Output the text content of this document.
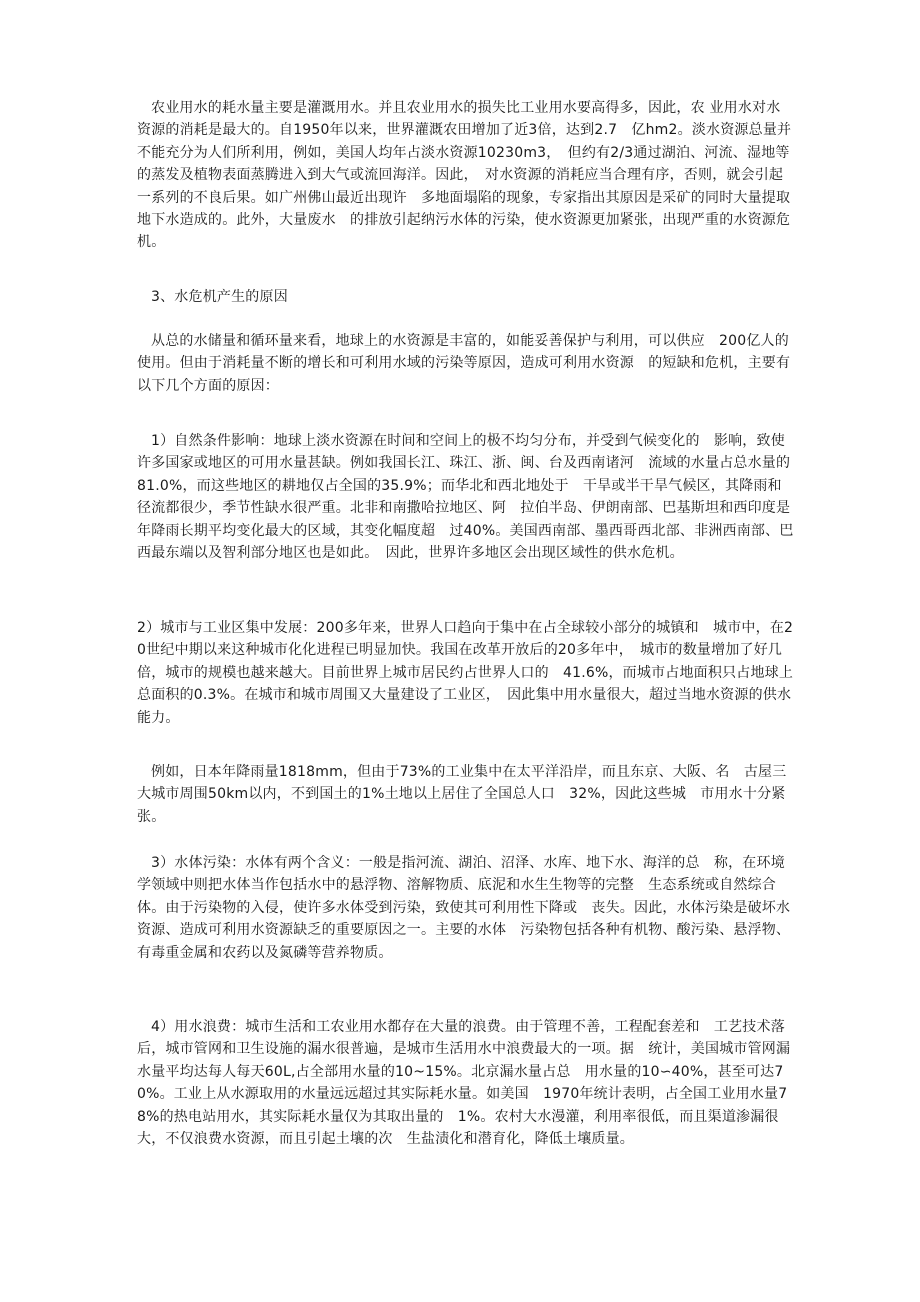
农业用水的耗水量主要是灌溉用水。并且农业用水的损失比工业用水要高得多，因此，农 业用水对水资源的消耗是最大的。自1950年以来，世界灌溉农田增加了近3倍，达到2.7　亿hm2。淡水资源总量并不能充分为人们所利用，例如，美国人均年占淡水资源10230m3，　但约有2/3通过湖泊、河流、湿地等的蒸发及植物表面蒸腾进入到大气或流回海洋。因此，　对水资源的消耗应当合理有序，否则，就会引起一系列的不良后果。如广州佛山最近出现许　多地面塌陷的现象，专家指出其原因是采矿的同时大量提取地下水造成的。此外，大量废水　的排放引起纳污水体的污染，使水资源更加紧张，出现严重的水资源危机。

3、水危机产生的原因

从总的水储量和循环量来看，地球上的水资源是丰富的，如能妥善保护与利用，可以供应　200亿人的使用。但由于消耗量不断的增长和可利用水域的污染等原因，造成可利用水资源　的短缺和危机，主要有以下几个方面的原因：

1）自然条件影响：地球上淡水资源在时间和空间上的极不均匀分布，并受到气候变化的　影响，致使许多国家或地区的可用水量甚缺。例如我国长江、珠江、浙、闽、台及西南诸河　流域的水量占总水量的81.0%，而这些地区的耕地仅占全国的35.9%；而华北和西北地处于　干旱或半干旱气候区，其降雨和径流都很少，季节性缺水很严重。北非和南撒哈拉地区、阿　拉伯半岛、伊朗南部、巴基斯坦和西印度是年降雨长期平均变化最大的区域，其变化幅度超　过40%。美国西南部、墨西哥西北部、非洲西南部、巴西最东端以及智利部分地区也是如此。　因此，世界许多地区会出现区域性的供水危机。

2）城市与工业区集中发展：200多年来，世界人口趋向于集中在占全球较小部分的城镇和　城市中，在20世纪中期以来这种城市化化进程已明显加快。我国在改革开放后的20多年中，　城市的数量增加了好几倍，城市的规模也越来越大。目前世界上城市居民约占世界人口的　41.6%，而城市占地面积只占地球上总面积的0.3%。在城市和城市周围又大量建设了工业区，　因此集中用水量很大，超过当地水资源的供水能力。

例如，日本年降雨量1818mm，但由于73%的工业集中在太平洋沿岸，而且东京、大阪、名　古屋三大城市周围50km以内，不到国土的1%土地以上居住了全国总人口　32%，因此这些城　市用水十分紧张。

3）水体污染：水体有两个含义：一般是指河流、湖泊、沼泽、水库、地下水、海洋的总　称，在环境学领域中则把水体当作包括水中的悬浮物、溶解物质、底泥和水生生物等的完整　生态系统或自然综合体。由于污染物的入侵，使许多水体受到污染，致使其可利用性下降或　丧失。因此，水体污染是破坏水资源、造成可利用水资源缺乏的重要原因之一。主要的水体　污染物包括各种有机物、酸污染、悬浮物、有毒重金属和农药以及氮磷等营养物质。

4）用水浪费：城市生活和工农业用水都存在大量的浪费。由于管理不善，工程配套差和　工艺技术落后，城市管网和卫生设施的漏水很普遍，是城市生活用水中浪费最大的一项。据　统计，美国城市管网漏水量平均达每人每天60L,占全部用水量的10~15%。北京漏水量占总　用水量的10∽40%，甚至可达70%。工业上从水源取用的水量远远超过其实际耗水量。如美国　1970年统计表明，占全国工业用水量78%的热电站用水，其实际耗水量仅为其取出量的　1%。农村大水漫灌，利用率很低，而且渠道渗漏很大，不仅浪费水资源，而且引起土壤的次　生盐渍化和潜育化，降低土壤质量。
